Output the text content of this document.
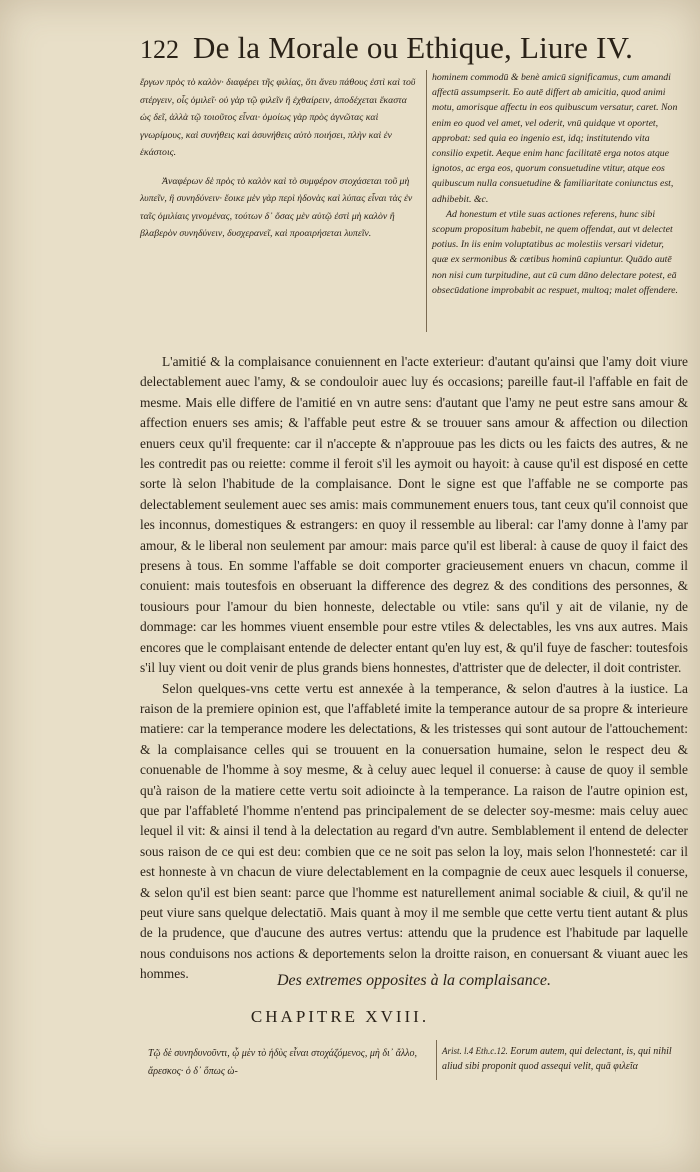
122 De la Morale ou Ethique, Liure IV.

ἔργων πρὸς τὸ καλὸν· διαφέρει τῆς φιλίας, ὅτι ἄνευ πάθους ἐστὶ καὶ τοῦ στέργειν, οἷς ὁμιλεῖ· οὐ γὰρ τῷ φιλεῖν ἢ ἐχθαίρειν, ἀποδέχεται ἕκαστα ὡς δεῖ, ἀλλὰ τῷ τοιοῦτος εἶναι· ὁμοίως γὰρ πρὸς ἀγνῶτας καὶ γνωρίμους, καὶ συνήθεις καὶ ἀσυνήθεις αὐτὸ ποιήσει, πλὴν καὶ ἐν ἑκάστοις.

Ἀναφέρων δὲ πρὸς τὸ καλὸν καὶ τὸ συμφέρον στοχάσεται τοῦ μὴ λυπεῖν, ἢ συνηδύνειν· ἔοικε μὲν γὰρ περὶ ἡδονὰς καὶ λύπας εἶναι τὰς ἐν ταῖς ὁμιλίαις γινομένας, τούτων δ᾽ ὅσας μὲν αὐτῷ ἐστὶ μὴ καλὸν ἢ βλαβερὸν συνηδύνειν, δυσχερανεῖ, καὶ προαιρήσεται λυπεῖν.

hominem commodū & benè amicū significamus, cum amandi affectū assumpserit. Eo autē differt ab amicitia, quod animi motu, amorisque affectu in eos quibuscum versatur, caret. Non enim eo quod vel amet, vel oderit, vnū quidque vt oportet, approbat: sed quia eo ingenio est, idq; institutendo vita consilio expetit. Aeque enim hanc facilitatē erga notos atque ignotos, ac erga eos, quorum consuetudine vtitur, atque eos quibuscum nulla consuetudine & familiaritate coniunctus est, adhibebit. &c.

Ad honestum et vtile suas actiones referens, hunc sibi scopum propositum habebit, ne quem offendat, aut vt delectet potius. In iis enim voluptatibus ac molestiis versari videtur, quæ ex sermonibus & cœtibus hominū capiuntur. Quādo autē non nisi cum turpitudine, aut cū cum dāno delectare potest, eā obsecūdatione improbabit ac respuet, multoq; malet offendere.

L'amitié & la complaisance conuiennent en l'acte exterieur: d'autant qu'ainsi que l'amy doit viure delectablement auec l'amy, & se condouloir auec luy és occasions; pareille faut-il l'affable en fait de mesme. Mais elle differe de l'amitié en vn autre sens: d'autant que l'amy ne peut estre sans amour & affection enuers ses amis; & l'affable peut estre & se trouuer sans amour & affection ou dilection enuers ceux qu'il frequente: car il n'accepte & n'approuue pas les dicts ou les faicts des autres, & ne les contredit pas ou reiette: comme il feroit s'il les aymoit ou hayoit: à cause qu'il est disposé en cette sorte là selon l'habitude de la complaisance. Dont le signe est que l'affable ne se comporte pas delectablement seulement auec ses amis: mais communement enuers tous, tant ceux qu'il connoist que les inconnus, domestiques & estrangers: en quoy il ressemble au liberal: car l'amy donne à l'amy par amour, & le liberal non seulement par amour: mais parce qu'il est liberal: à cause de quoy il faict des presens à tous. En somme l'affable se doit comporter gracieusement enuers vn chacun, comme il conuient: mais toutesfois en obseruant la difference des degrez & des conditions des personnes, & tousiours pour l'amour du bien honneste, delectable ou vtile: sans qu'il y ait de vilanie, ny de dommage: car les hommes viuent ensemble pour estre vtiles & delectables, les vns aux autres. Mais encores que le complaisant entende de delecter entant qu'en luy est, & qu'il fuye de fascher: toutesfois s'il luy vient ou doit venir de plus grands biens honnestes, d'attrister que de delecter, il doit contrister.

Selon quelques-vns cette vertu est annexée à la temperance, & selon d'autres à la iustice. La raison de la premiere opinion est, que l'affableté imite la temperance autour de sa propre & interieure matiere: car la temperance modere les delectations, & les tristesses qui sont autour de l'attouchement: & la complaisance celles qui se trouuent en la conuersation humaine, selon le respect deu & conuenable de l'homme à soy mesme, & à celuy auec lequel il conuerse: à cause de quoy il semble qu'à raison de la matiere cette vertu soit adioincte à la temperance. La raison de l'autre opinion est, que par l'affableté l'homme n'entend pas principalement de se delecter soy-mesme: mais celuy auec lequel il vit: & ainsi il tend à la delectation au regard d'vn autre. Semblablement il entend de delecter sous raison de ce qui est deu: combien que ce ne soit pas selon la loy, mais selon l'honnesteté: car il est honneste à vn chacun de viure delectablement en la compagnie de ceux auec lesquels il conuerse, & selon qu'il est bien seant: parce que l'homme est naturellement animal sociable & ciuil, & qu'il ne peut viure sans quelque delectatiō. Mais quant à moy il me semble que cette vertu tient autant & plus de la prudence, que d'aucune des autres vertus: attendu que la prudence est l'habitude par laquelle nous conduisons nos actions & deportements selon la droitte raison, en conuersant & viuant auec les hommes.	Des extremes opposites à la complaisance.
CHAPITRE XVIII.
Τῷ δὲ συνηδυνοῦντι, ᾧ μὲν τὸ ἡδὺς εἶναι στοχάζόμενος, μὴ δι᾽ ἄλλο, ἄρεσκος· ὁ δ᾽ ὅπως ὠ-
Arist. l.4 Eth.c.12. Eorum autem, qui delectant, is, qui nihil aliud sibi proponit quod assequi velit, quā φιλεῖα
